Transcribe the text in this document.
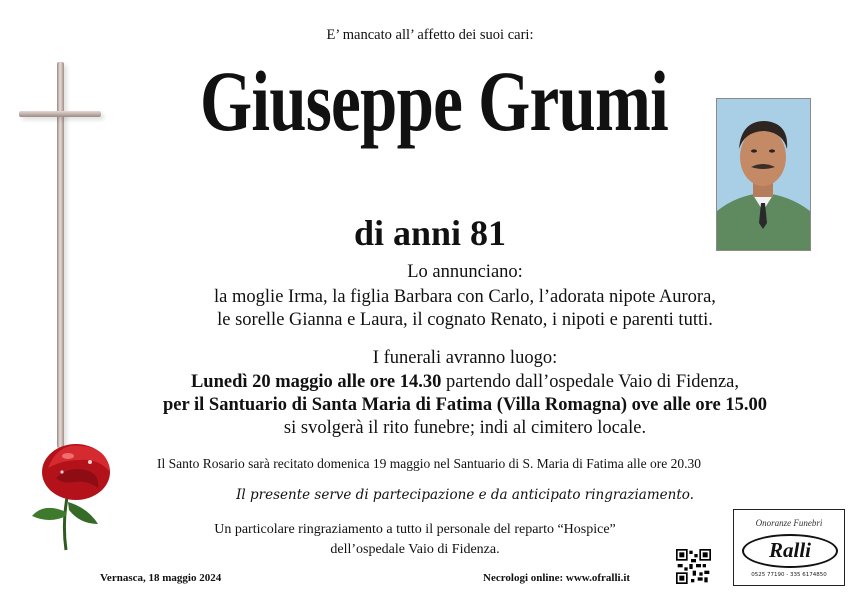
E’ mancato all’ affetto dei suoi cari:
Giuseppe Grumi
di anni 81
Lo annunciano:
la moglie Irma, la figlia Barbara con Carlo, l’adorata nipote Aurora,
le sorelle Gianna e Laura, il cognato Renato, i nipoti e parenti tutti.
I funerali avranno luogo:
Lunedì 20 maggio alle ore 14.30 partendo dall’ospedale Vaio di Fidenza,
per il Santuario di Santa Maria di Fatima (Villa Romagna) ove alle ore 15.00
si svolgerà il rito funebre; indi al cimitero locale.
Il Santo Rosario sarà recitato domenica 19 maggio nel Santuario di S. Maria di Fatima alle ore 20.30
Il presente serve di partecipazione e da anticipato ringraziamento.
Un particolare ringraziamento a tutto il personale del reparto “Hospice”
dell’ospedale Vaio di Fidenza.
Vernasca, 18 maggio 2024	Necrologi online: www.ofralli.it
Onoranze Funebri
Ralli
0525 77190 - 335 6174850
